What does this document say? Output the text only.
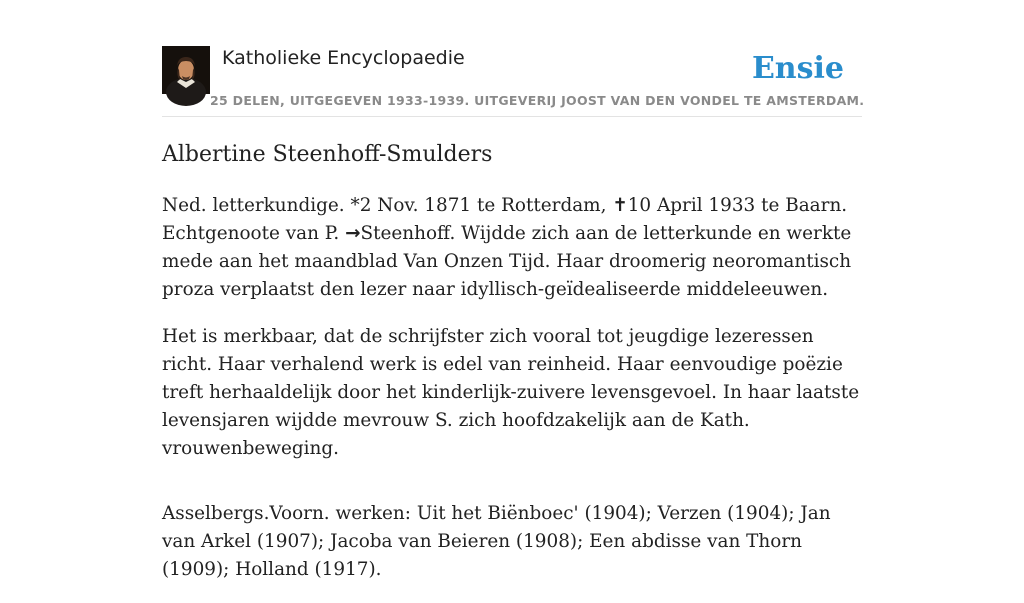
Katholieke Encyclopaedie
25 DELEN, UITGEGEVEN 1933-1939. UITGEVERIJ JOOST VAN DEN VONDEL TE AMSTERDAM.
Ensie
Albertine Steenhoff-Smulders

Ned. letterkundige. *2 Nov. 1871 te Rotterdam, ✝10 April 1933 te Baarn. Echtgenoote van P. →Steenhoff. Wijdde zich aan de letterkunde en werkte mede aan het maandblad Van Onzen Tijd. Haar droomerig neoromantisch proza verplaatst den lezer naar idyllisch-geïdealiseerde middeleeuwen.

Het is merkbaar, dat de schrijfster zich vooral tot jeugdige lezeressen richt. Haar verhalend werk is edel van reinheid. Haar eenvoudige poëzie treft herhaaldelijk door het kinderlijk-zuivere levensgevoel. In haar laatste levensjaren wijdde mevrouw S. zich hoofdzakelijk aan de Kath. vrouwenbeweging.

Asselbergs.Voorn. werken: Uit het Biënboec' (1904); Verzen (1904); Jan van Arkel (1907); Jacoba van Beieren (1908); Een abdisse van Thorn (1909); Holland (1917).
